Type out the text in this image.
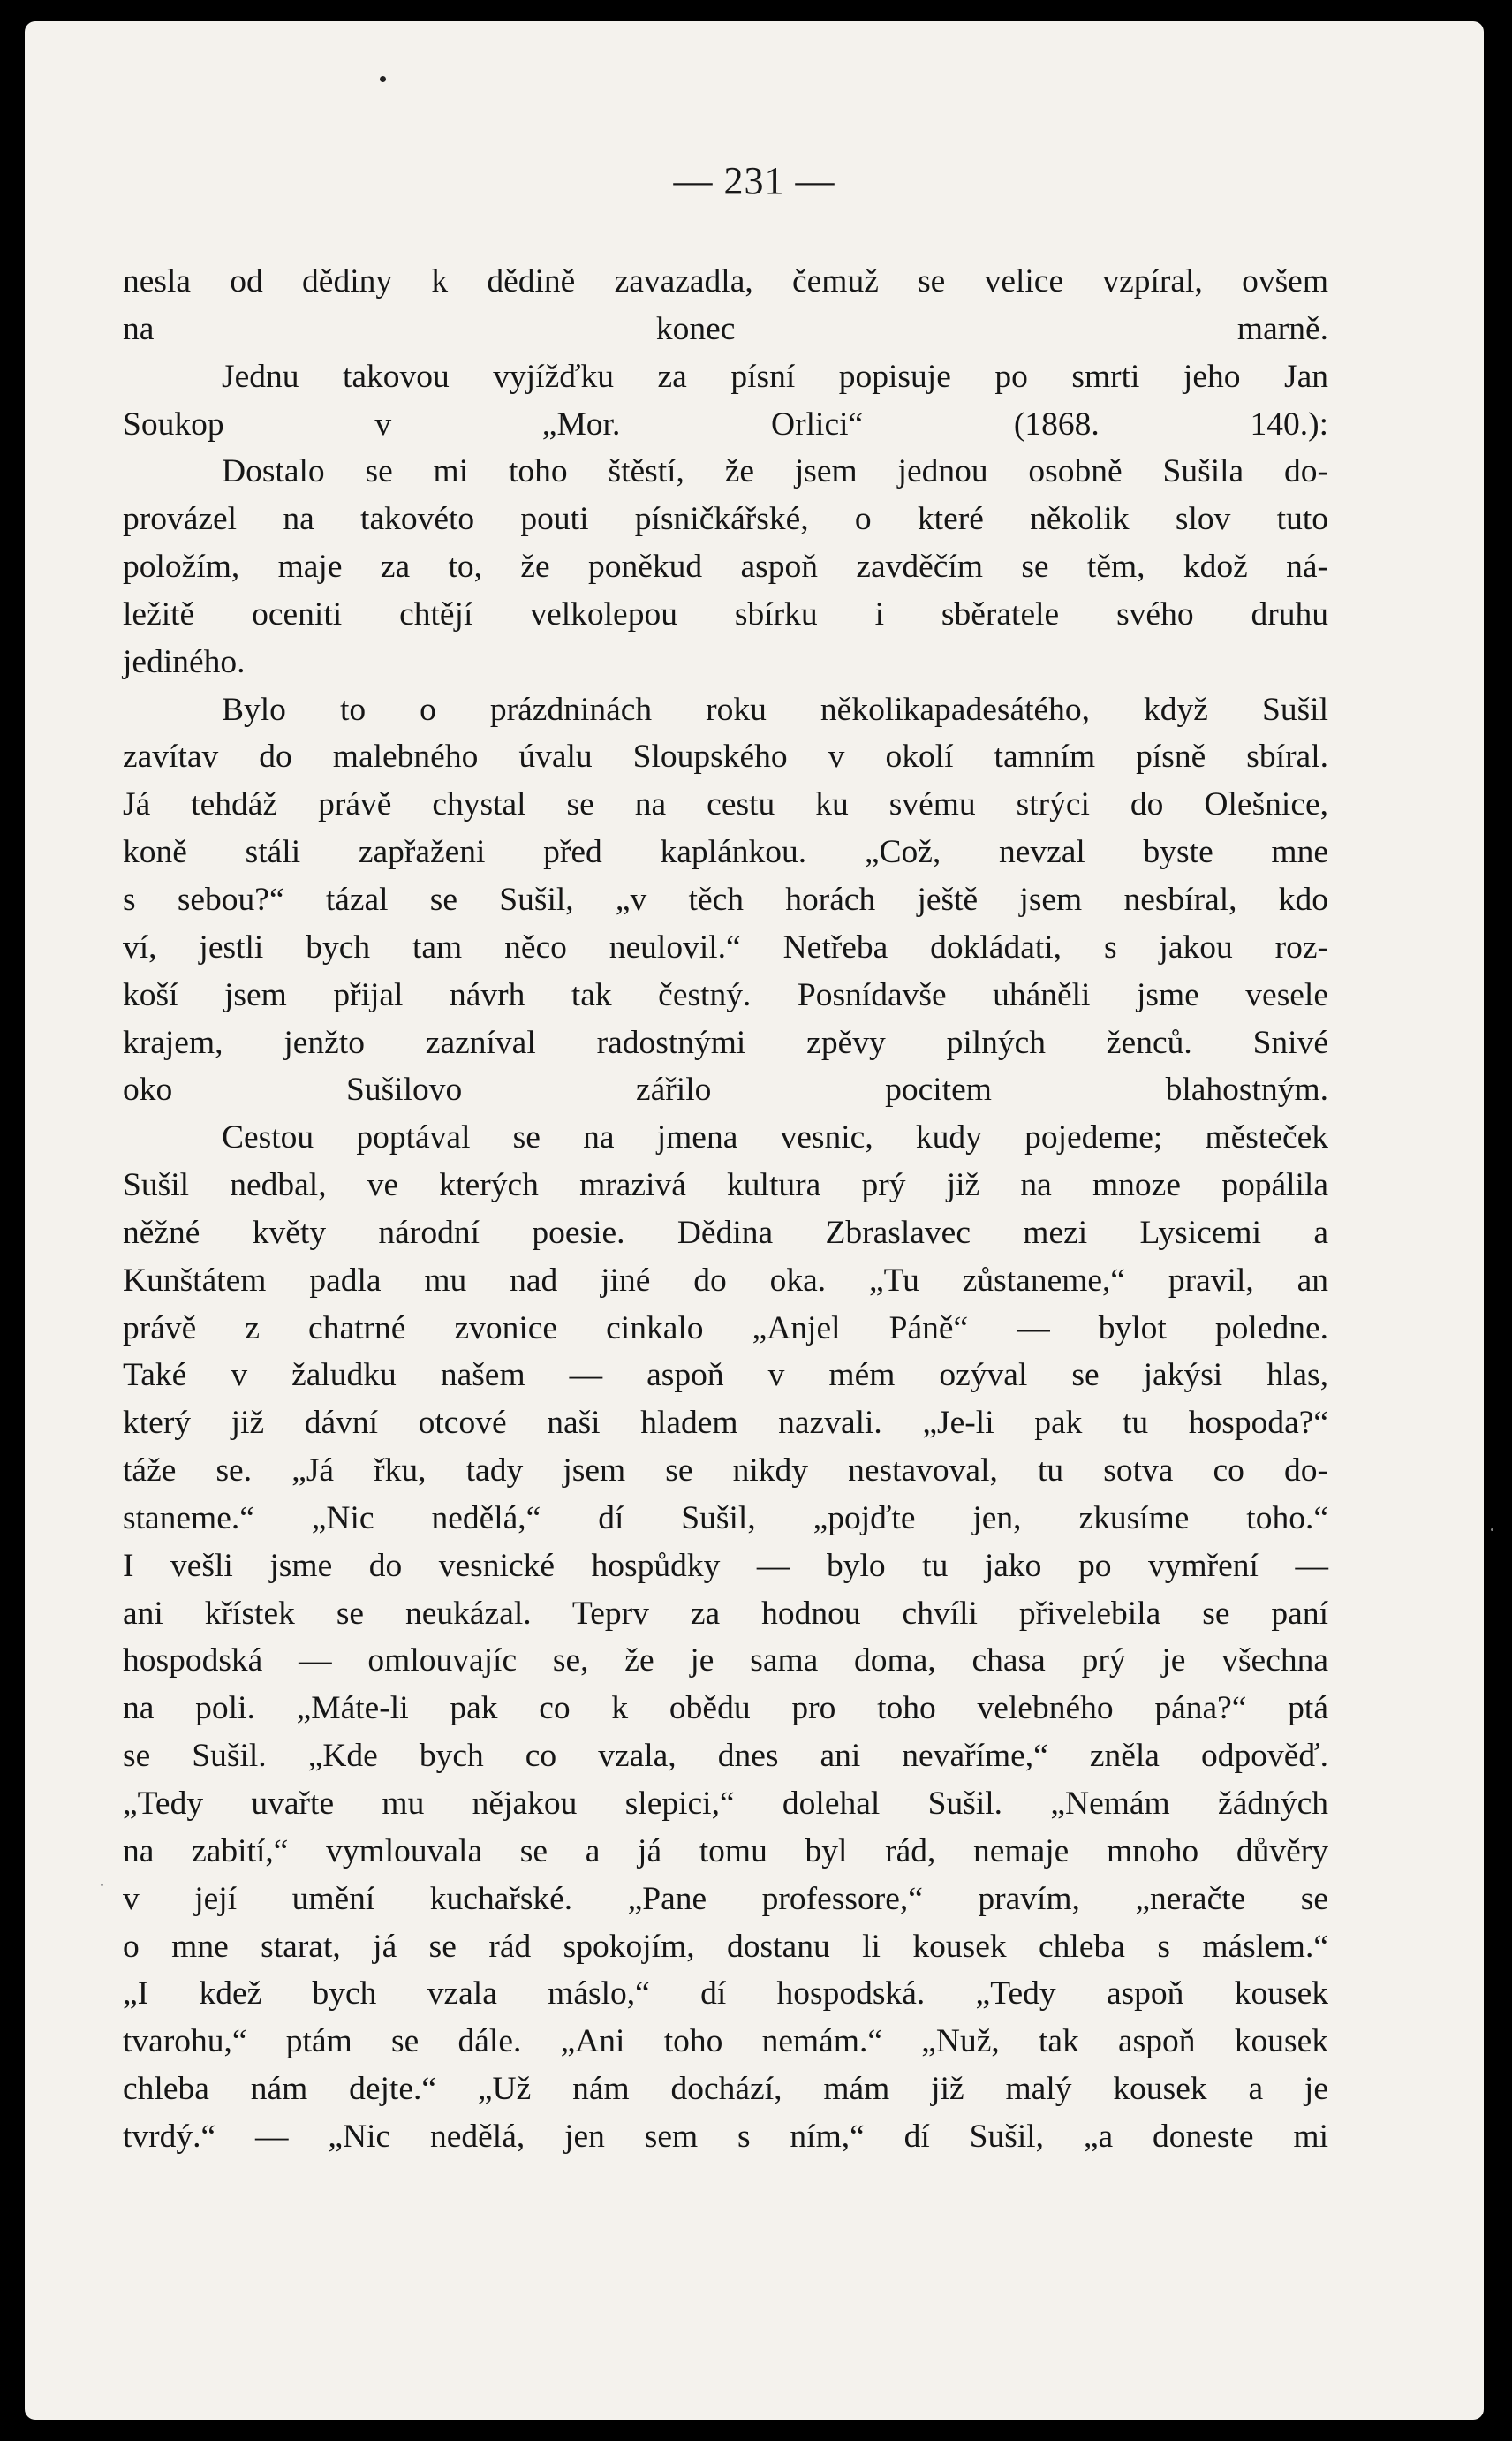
— 231 —
nesla od dědiny k dědině zavazadla, čemuž se velice vzpíral, ovšem
na konec marně.
Jednu takovou vyjížďku za písní popisuje po smrti jeho Jan
Soukop v „Mor. Orlici“ (1868. 140.):
Dostalo se mi toho štěstí, že jsem jednou osobně Sušila do-
provázel na takovéto pouti písničkářské, o které několik slov tuto
položím, maje za to, že poněkud aspoň zavděčím se těm, kdož ná-
ležitě oceniti chtějí velkolepou sbírku i sběratele svého druhu
jediného.
Bylo to o prázdninách roku několikapadesátého, když Sušil
zavítav do malebného úvalu Sloupského v okolí tamním písně sbíral.
Já tehdáž právě chystal se na cestu ku svému strýci do Olešnice,
koně stáli zapřaženi před kaplánkou. „Což, nevzal byste mne
s sebou?“ tázal se Sušil, „v těch horách ještě jsem nesbíral, kdo
ví, jestli bych tam něco neulovil.“ Netřeba dokládati, s jakou roz-
koší jsem přijal návrh tak čestný. Posnídavše uháněli jsme vesele
krajem, jenžto zazníval radostnými zpěvy pilných ženců. Snivé
oko Sušilovo zářilo pocitem blahostným.
Cestou poptával se na jmena vesnic, kudy pojedeme; městeček
Sušil nedbal, ve kterých mrazivá kultura prý již na mnoze popálila
něžné květy národní poesie. Dědina Zbraslavec mezi Lysicemi a
Kunštátem padla mu nad jiné do oka. „Tu zůstaneme,“ pravil, an
právě z chatrné zvonice cinkalo „Anjel Páně“ — bylot poledne.
Také v žaludku našem — aspoň v mém ozýval se jakýsi hlas,
který již dávní otcové naši hladem nazvali. „Je-li pak tu hospoda?“
táže se. „Já řku, tady jsem se nikdy nestavoval, tu sotva co do-
staneme.“ „Nic nedělá,“ dí Sušil, „pojďte jen, zkusíme toho.“
I vešli jsme do vesnické hospůdky — bylo tu jako po vymření —
ani křístek se neukázal. Teprv za hodnou chvíli přivelebila se paní
hospodská — omlouvajíc se, že je sama doma, chasa prý je všechna
na poli. „Máte-li pak co k obědu pro toho velebného pána?“ ptá
se Sušil. „Kde bych co vzala, dnes ani nevaříme,“ zněla odpověď.
„Tedy uvařte mu nějakou slepici,“ dolehal Sušil. „Nemám žádných
na zabití,“ vymlouvala se a já tomu byl rád, nemaje mnoho důvěry
v její umění kuchařské. „Pane professore,“ pravím, „neračte se
o mne starat, já se rád spokojím, dostanu li kousek chleba s máslem.“
„I kdež bych vzala máslo,“ dí hospodská. „Tedy aspoň kousek
tvarohu,“ ptám se dále. „Ani toho nemám.“ „Nuž, tak aspoň kousek
chleba nám dejte.“ „Už nám dochází, mám již malý kousek a je
tvrdý.“ — „Nic nedělá, jen sem s ním,“ dí Sušil, „a doneste mi
